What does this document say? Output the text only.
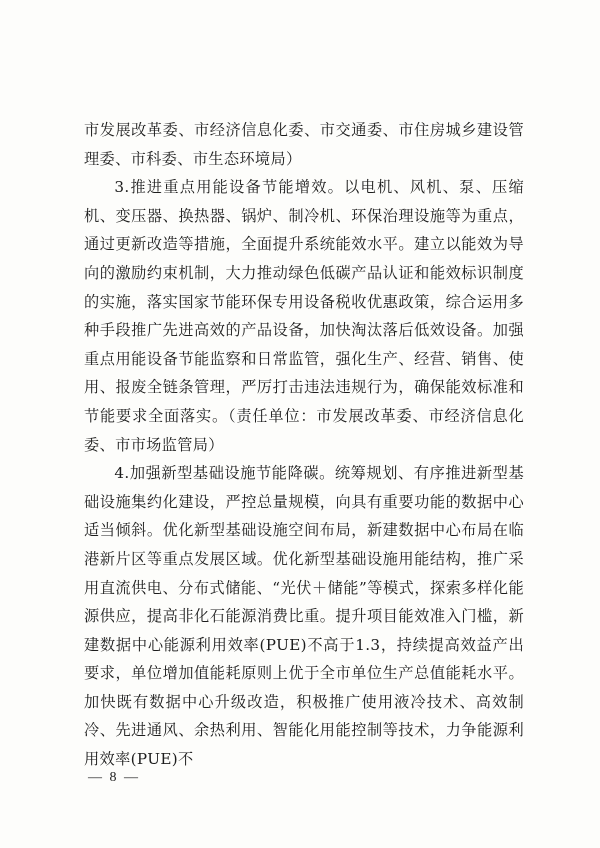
市发展改革委、市经济信息化委、市交通委、市住房城乡建设管理委、市科委、市生态环境局）

3.推进重点用能设备节能增效。以电机、风机、泵、压缩机、变压器、换热器、锅炉、制冷机、环保治理设施等为重点，通过更新改造等措施，全面提升系统能效水平。建立以能效为导向的激励约束机制，大力推动绿色低碳产品认证和能效标识制度的实施，落实国家节能环保专用设备税收优惠政策，综合运用多种手段推广先进高效的产品设备，加快淘汰落后低效设备。加强重点用能设备节能监察和日常监管，强化生产、经营、销售、使用、报废全链条管理，严厉打击违法违规行为，确保能效标准和节能要求全面落实。（责任单位：市发展改革委、市经济信息化委、市市场监管局）

4.加强新型基础设施节能降碳。统筹规划、有序推进新型基础设施集约化建设，严控总量规模，向具有重要功能的数据中心适当倾斜。优化新型基础设施空间布局，新建数据中心布局在临港新片区等重点发展区域。优化新型基础设施用能结构，推广采用直流供电、分布式储能、“光伏＋储能”等模式，探索多样化能源供应，提高非化石能源消费比重。提升项目能效准入门槛，新建数据中心能源利用效率(PUE)不高于1.3，持续提高效益产出要求，单位增加值能耗原则上优于全市单位生产总值能耗水平。加快既有数据中心升级改造，积极推广使用液冷技术、高效制冷、先进通风、余热利用、智能化用能控制等技术，力争能源利用效率(PUE)不

— 8 —
